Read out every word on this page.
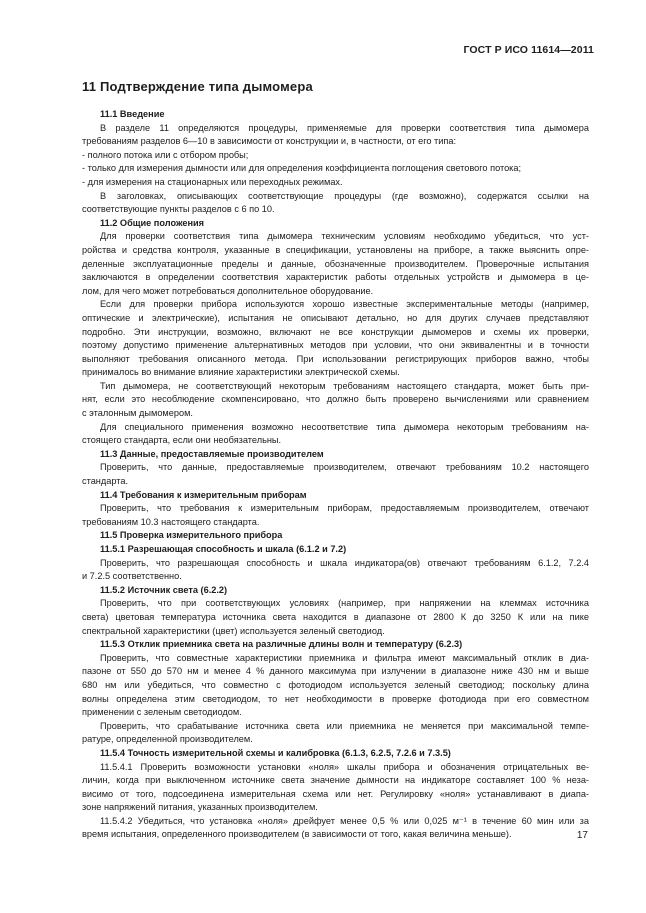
ГОСТ Р ИСО 11614—2011
11 Подтверждение типа дымомера
11.1 Введение
В разделе 11 определяются процедуры, применяемые для проверки соответствия типа дымомера
требованиям разделов 6—10 в зависимости от конструкции и, в частности, от его типа:
- полного потока или с отбором пробы;
- только для измерения дымности или для определения коэффициента поглощения светового потока;
- для измерения на стационарных или переходных режимах.
В заголовках, описывающих соответствующие процедуры (где возможно), содержатся ссылки на
соответствующие пункты разделов с 6 по 10.
11.2 Общие положения
Для проверки соответствия типа дымомера техническим условиям необходимо убедиться, что уст-
ройства и средства контроля, указанные в спецификации, установлены на приборе, а также выяснить опре-
деленные эксплуатационные пределы и данные, обозначенные производителем. Проверочные испытания
заключаются в определении соответствия характеристик работы отдельных устройств и дымомера в це-
лом, для чего может потребоваться дополнительное оборудование.
Если для проверки прибора используются хорошо известные экспериментальные методы (например,
оптические и электрические), испытания не описывают детально, но для других случаев представляют
подробно. Эти инструкции, возможно, включают не все конструкции дымомеров и схемы их проверки,
поэтому допустимо применение альтернативных методов при условии, что они эквивалентны и в точности
выполняют требования описанного метода. При использовании регистрирующих приборов важно, чтобы
принималось во внимание влияние характеристики электрической схемы.
Тип дымомера, не соответствующий некоторым требованиям настоящего стандарта, может быть при-
нят, если это несоблюдение скомпенсировано, что должно быть проверено вычислениями или сравнением
с эталонным дымомером.
Для специального применения возможно несоответствие типа дымомера некоторым требованиям на-
стоящего стандарта, если они необязательны.
11.3 Данные, предоставляемые производителем
Проверить, что данные, предоставляемые производителем, отвечают требованиям 10.2 настоящего
стандарта.
11.4 Требования к измерительным приборам
Проверить, что требования к измерительным приборам, предоставляемым производителем, отвечают
требованиям 10.3 настоящего стандарта.
11.5 Проверка измерительного прибора
11.5.1 Разрешающая способность и шкала (6.1.2 и 7.2)
Проверить, что разрешающая способность и шкала индикатора(ов) отвечают требованиям 6.1.2, 7.2.4
и 7.2.5 соответственно.
11.5.2 Источник света (6.2.2)
Проверить, что при соответствующих условиях (например, при напряжении на клеммах источника
света) цветовая температура источника света находится в диапазоне от 2800 К до 3250 К или на пике
спектральной характеристики (цвет) используется зеленый светодиод.
11.5.3 Отклик приемника света на различные длины волн и температуру (6.2.3)
Проверить, что совместные характеристики приемника и фильтра имеют максимальный отклик в диа-
пазоне от 550 до 570 нм и менее 4 % данного максимума при излучении в диапазоне ниже 430 нм и выше
680 нм или убедиться, что совместно с фотодиодом используется зеленый светодиод; поскольку длина
волны определена этим светодиодом, то нет необходимости в проверке фотодиода при его совместном
применении с зеленым светодиодом.
Проверить, что срабатывание источника света или приемника не меняется при максимальной темпе-
ратуре, определенной производителем.
11.5.4 Точность измерительной схемы и калибровка (6.1.3, 6.2.5, 7.2.6 и 7.3.5)
11.5.4.1 Проверить возможности установки «ноля» шкалы прибора и обозначения отрицательных ве-
личин, когда при выключенном источнике света значение дымности на индикаторе составляет 100 % неза-
висимо от того, подсоединена измерительная схема или нет. Регулировку «ноля» устанавливают в диапа-
зоне напряжений питания, указанных производителем.
11.5.4.2 Убедиться, что установка «ноля» дрейфует менее 0,5 % или 0,025 м⁻¹ в течение 60 мин или за
время испытания, определенного производителем (в зависимости от того, какая величина меньше).	17
